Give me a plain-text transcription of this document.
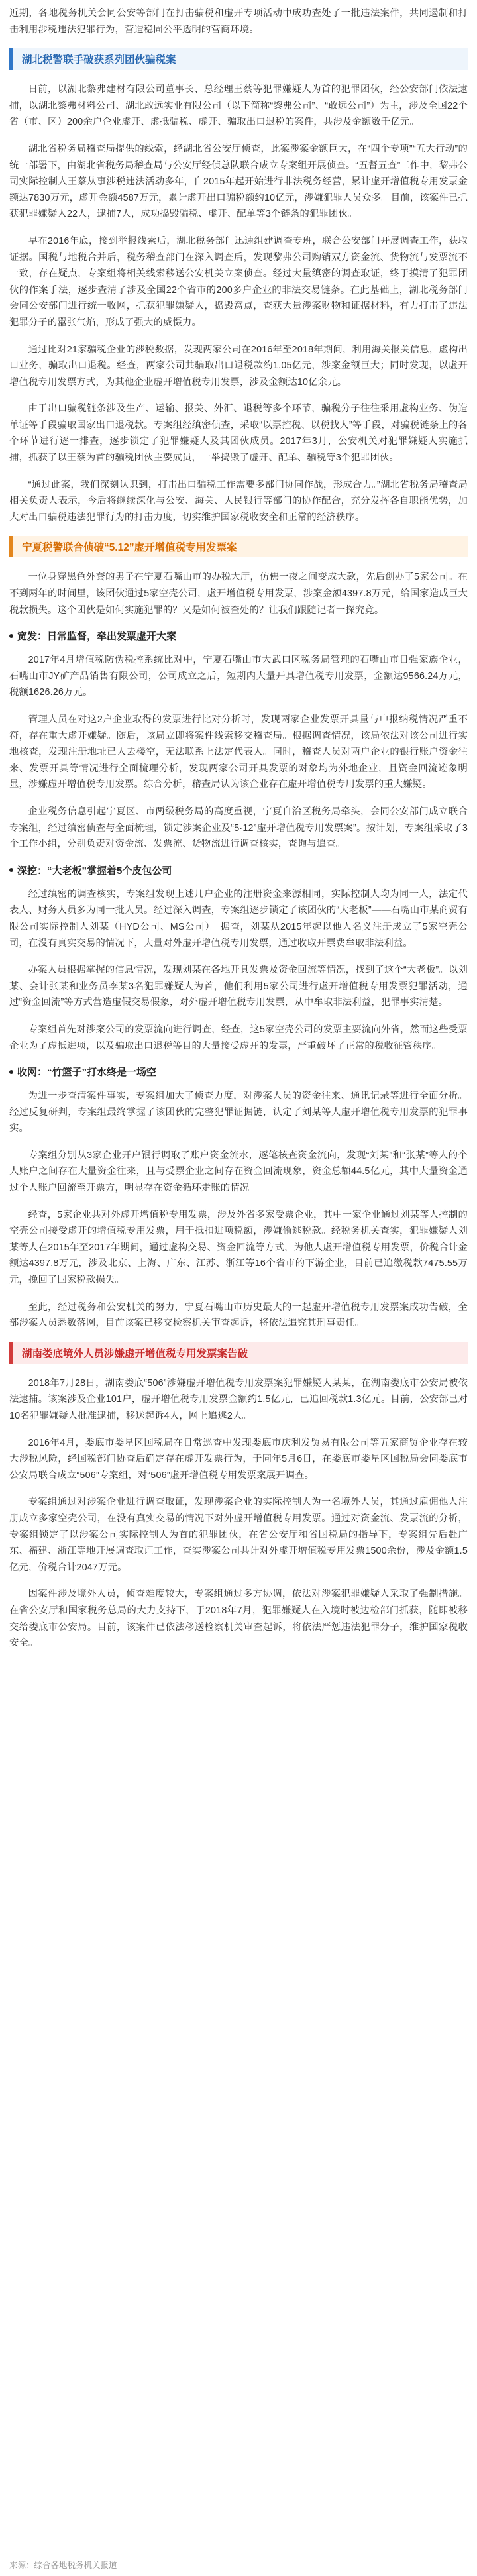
近期，各地税务机关会同公安等部门在打击骗税和虚开专项活动中成功查处了一批违法案件，共同遏制和打击利用涉税违法犯罪行为，营造稳固公平透明的营商环境。

湖北税警联手破获系列团伙骗税案

日前，以湖北黎弗建材有限公司董事长、总经理王蔡等犯罪嫌疑人为首的犯罪团伙，经公安部门依法逮捕，以湖北黎弗材料公司、湖北敢远实业有限公司（以下简称“黎弗公司”、“敢远公司”）为主，涉及全国22个省（市、区）200余户企业虚开、虚抵骗税、虚开、骗取出口退税的案件，共涉及金额数千亿元。

湖北省税务局稽查局提供的线索，经湖北省公安厅侦查，此案涉案金额巨大，在“四个专项”“五大行动”的统一部署下，由湖北省税务局稽查局与公安厅经侦总队联合成立专案组开展侦查。“五督五查”工作中，黎弗公司实际控制人王蔡从事涉税违法活动多年，自2015年起开始进行非法税务经营，累计虚开增值税专用发票金额达7830万元，虚开金额4587万元，累计虚开出口骗税额约10亿元，涉嫌犯罪人员众多。目前，该案件已抓获犯罪嫌疑人22人，逮捕7人，成功捣毁骗税、虚开、配单等3个链条的犯罪团伙。

早在2016年底，接到举报线索后，湖北税务部门迅速组建调查专班，联合公安部门开展调查工作，获取证据。国税与地税合并后，税务稽查部门在深入调查后，发现黎弗公司购销双方资金流、货物流与发票流不一致，存在疑点，专案组将相关线索移送公安机关立案侦查。经过大量缜密的调查取证，终于摸清了犯罪团伙的作案手法，逐步查清了涉及全国22个省市的200多户企业的非法交易链条。在此基础上，湖北税务部门会同公安部门进行统一收网，抓获犯罪嫌疑人，捣毁窝点，查获大量涉案财物和证据材料，有力打击了违法犯罪分子的嚣张气焰，形成了强大的威慑力。

通过比对21家骗税企业的涉税数据，发现两家公司在2016年至2018年期间，利用海关报关信息，虚构出口业务，骗取出口退税。经查，两家公司共骗取出口退税款约1.05亿元，涉案金额巨大；同时发现，以虚开增值税专用发票方式，为其他企业虚开增值税专用发票，涉及金额达10亿余元。

由于出口骗税链条涉及生产、运输、报关、外汇、退税等多个环节，骗税分子往往采用虚构业务、伪造单证等手段骗取国家出口退税款。专案组经缜密侦查，采取“以票控税、以税找人”等手段，对骗税链条上的各个环节进行逐一排查，逐步锁定了犯罪嫌疑人及其团伙成员。2017年3月，公安机关对犯罪嫌疑人实施抓捕，抓获了以王蔡为首的骗税团伙主要成员，一举捣毁了虚开、配单、骗税等3个犯罪团伙。

“通过此案，我们深刻认识到，打击出口骗税工作需要多部门协同作战，形成合力。”湖北省税务局稽查局相关负责人表示，今后将继续深化与公安、海关、人民银行等部门的协作配合，充分发挥各自职能优势，加大对出口骗税违法犯罪行为的打击力度，切实维护国家税收安全和正常的经济秩序。

宁夏税警联合侦破“5.12”虚开增值税专用发票案

一位身穿黑色外套的男子在宁夏石嘴山市的办税大厅，仿佛一夜之间变成大款，先后创办了5家公司。在不到两年的时间里，该团伙通过5家空壳公司，虚开增值税专用发票，涉案金额4397.8万元，给国家造成巨大税款损失。这个团伙是如何实施犯罪的？又是如何被查处的？让我们跟随记者一探究竟。

宽发：日常监督，牵出发票虚开大案

2017年4月增值税防伪税控系统比对中，宁夏石嘴山市大武口区税务局管理的石嘴山市日强家族企业，石嘴山市JY矿产品销售有限公司，公司成立之后，短期内大量开具增值税专用发票，金额达9566.24万元，税额1626.26万元。

管理人员在对这2户企业取得的发票进行比对分析时，发现两家企业发票开具量与申报纳税情况严重不符，存在重大虚开嫌疑。随后，该局立即将案件线索移交稽查局。根据调查情况，该局依法对该公司进行实地核查，发现注册地址已人去楼空，无法联系上法定代表人。同时，稽查人员对两户企业的银行账户资金往来、发票开具等情况进行全面梳理分析，发现两家公司开具发票的对象均为外地企业，且资金回流迹象明显，涉嫌虚开增值税专用发票。综合分析，稽查局认为该企业存在虚开增值税专用发票的重大嫌疑。

企业税务信息引起宁夏区、市两级税务局的高度重视，宁夏自治区税务局牵头，会同公安部门成立联合专案组，经过缜密侦查与全面梳理，锁定涉案企业及“5·12”虚开增值税专用发票案”。按计划，专案组采取了3个工作小组，分别负责对资金流、发票流、货物流进行调查核实，查询与追查。

深挖：“大老板”掌握着5个皮包公司

经过缜密的调查核实，专案组发现上述几户企业的注册资金来源相同，实际控制人均为同一人，法定代表人、财务人员多为同一批人员。经过深入调查，专案组逐步锁定了该团伙的“大老板”——石嘴山市某商贸有限公司实际控制人刘某（HYD公司、MS公司）。据查，刘某从2015年起以他人名义注册成立了5家空壳公司，在没有真实交易的情况下，大量对外虚开增值税专用发票，通过收取开票费牟取非法利益。

办案人员根据掌握的信息情况，发现刘某在各地开具发票及资金回流等情况，找到了这个“大老板”。以刘某、会计张某和业务员李某3名犯罪嫌疑人为首，他们利用5家公司进行虚开增值税专用发票犯罪活动，通过“资金回流”等方式营造虚假交易假象，对外虚开增值税专用发票，从中牟取非法利益，犯罪事实清楚。

专案组首先对涉案公司的发票流向进行调查，经查，这5家空壳公司的发票主要流向外省，然而这些受票企业为了虚抵进项，以及骗取出口退税等目的大量接受虚开的发票，严重破坏了正常的税收征管秩序。

收网：“竹篮子”打水终是一场空

为进一步查清案件事实，专案组加大了侦查力度，对涉案人员的资金往来、通讯记录等进行全面分析。经过反复研判，专案组最终掌握了该团伙的完整犯罪证据链，认定了刘某等人虚开增值税专用发票的犯罪事实。

专案组分别从3家企业开户银行调取了账户资金流水，逐笔核查资金流向，发现“刘某”和“张某”等人的个人账户之间存在大量资金往来，且与受票企业之间存在资金回流现象，资金总额44.5亿元，其中大量资金通过个人账户回流至开票方，明显存在资金循环走账的情况。

经查，5家企业共对外虚开增值税专用发票，涉及外省多家受票企业，其中一家企业通过刘某等人控制的空壳公司接受虚开的增值税专用发票，用于抵扣进项税额，涉嫌偷逃税款。经税务机关查实，犯罪嫌疑人刘某等人在2015年至2017年期间，通过虚构交易、资金回流等方式，为他人虚开增值税专用发票，价税合计金额达4397.8万元，涉及北京、上海、广东、江苏、浙江等16个省市的下游企业，目前已追缴税款7475.55万元，挽回了国家税款损失。

至此，经过税务和公安机关的努力，宁夏石嘴山市历史最大的一起虚开增值税专用发票案成功告破，全部涉案人员悉数落网，目前该案已移交检察机关审查起诉，将依法追究其刑事责任。

湖南娄底境外人员涉嫌虚开增值税专用发票案告破

2018年7月28日，湖南娄底“506”涉嫌虚开增值税专用发票案犯罪嫌疑人某某，在湖南娄底市公安局被依法逮捕。该案涉及企业101户，虚开增值税专用发票金额约1.5亿元，已追回税款1.3亿元。目前，公安部已对10名犯罪嫌疑人批准逮捕，移送起诉4人，网上追逃2人。

2016年4月，娄底市娄星区国税局在日常巡查中发现娄底市庆利发贸易有限公司等五家商贸企业存在较大涉税风险，经国税部门协查后确定存在虚开发票行为，于同年5月6日，在娄底市娄星区国税局会同娄底市公安局联合成立“506”专案组，对“506”虚开增值税专用发票案展开调查。

专案组通过对涉案企业进行调查取证，发现涉案企业的实际控制人为一名境外人员，其通过雇佣他人注册成立多家空壳公司，在没有真实交易的情况下对外虚开增值税专用发票。通过对资金流、发票流的分析，专案组锁定了以涉案公司实际控制人为首的犯罪团伙，在省公安厅和省国税局的指导下，专案组先后赴广东、福建、浙江等地开展调查取证工作，查实涉案公司共计对外虚开增值税专用发票1500余份，涉及金额1.5亿元，价税合计2047万元。

因案件涉及境外人员，侦查难度较大，专案组通过多方协调，依法对涉案犯罪嫌疑人采取了强制措施。在省公安厅和国家税务总局的大力支持下，于2018年7月，犯罪嫌疑人在入境时被边检部门抓获，随即被移交给娄底市公安局。目前，该案件已依法移送检察机关审查起诉，将依法严惩违法犯罪分子，维护国家税收安全。

来源：综合各地税务机关报道
